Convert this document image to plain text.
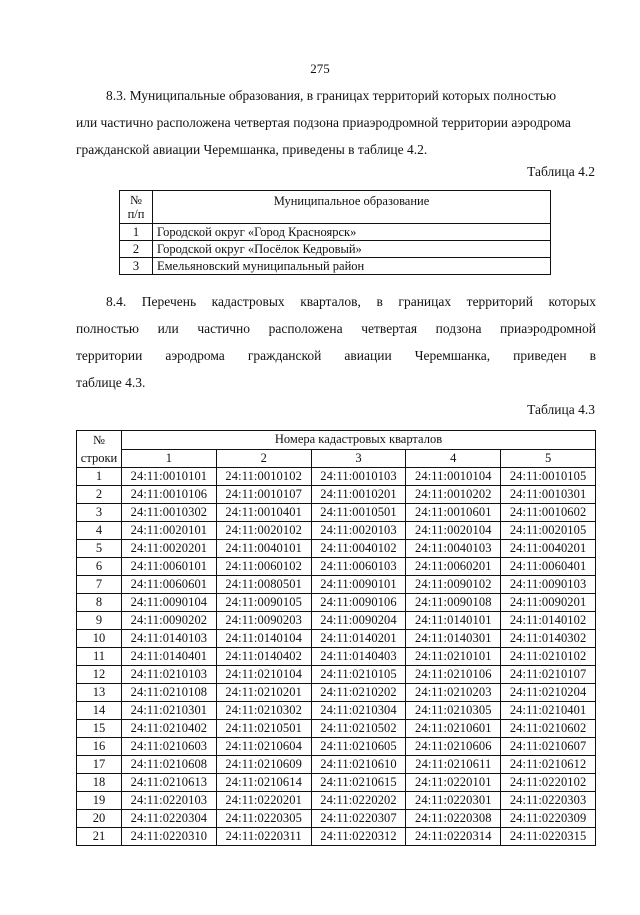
275
8.3. Муниципальные образования, в границах территорий которых полностью
или частично расположена четвертая подзона приаэродромной территории аэродрома
гражданской авиации Черемшанка, приведены в таблице 4.2.
Таблица 4.2
№
п/п	Муниципальное образование
1	Городской округ «Город Красноярск»
2	Городской округ «Посёлок Кедровый»
3	Емельяновский муниципальный район
8.4. Перечень кадастровых кварталов, в границах территорий которых
полностью или частично расположена четвертая подзона приаэродромной
территории аэродрома гражданской авиации Черемшанка, приведен в
таблице 4.3.
Таблица 4.3
№
строки	Номера кадастровых кварталов				
	1	2	3	4	5
1	24:11:0010101	24:11:0010102	24:11:0010103	24:11:0010104	24:11:0010105
2	24:11:0010106	24:11:0010107	24:11:0010201	24:11:0010202	24:11:0010301
3	24:11:0010302	24:11:0010401	24:11:0010501	24:11:0010601	24:11:0010602
4	24:11:0020101	24:11:0020102	24:11:0020103	24:11:0020104	24:11:0020105
5	24:11:0020201	24:11:0040101	24:11:0040102	24:11:0040103	24:11:0040201
6	24:11:0060101	24:11:0060102	24:11:0060103	24:11:0060201	24:11:0060401
7	24:11:0060601	24:11:0080501	24:11:0090101	24:11:0090102	24:11:0090103
8	24:11:0090104	24:11:0090105	24:11:0090106	24:11:0090108	24:11:0090201
9	24:11:0090202	24:11:0090203	24:11:0090204	24:11:0140101	24:11:0140102
10	24:11:0140103	24:11:0140104	24:11:0140201	24:11:0140301	24:11:0140302
11	24:11:0140401	24:11:0140402	24:11:0140403	24:11:0210101	24:11:0210102
12	24:11:0210103	24:11:0210104	24:11:0210105	24:11:0210106	24:11:0210107
13	24:11:0210108	24:11:0210201	24:11:0210202	24:11:0210203	24:11:0210204
14	24:11:0210301	24:11:0210302	24:11:0210304	24:11:0210305	24:11:0210401
15	24:11:0210402	24:11:0210501	24:11:0210502	24:11:0210601	24:11:0210602
16	24:11:0210603	24:11:0210604	24:11:0210605	24:11:0210606	24:11:0210607
17	24:11:0210608	24:11:0210609	24:11:0210610	24:11:0210611	24:11:0210612
18	24:11:0210613	24:11:0210614	24:11:0210615	24:11:0220101	24:11:0220102
19	24:11:0220103	24:11:0220201	24:11:0220202	24:11:0220301	24:11:0220303
20	24:11:0220304	24:11:0220305	24:11:0220307	24:11:0220308	24:11:0220309
21	24:11:0220310	24:11:0220311	24:11:0220312	24:11:0220314	24:11:0220315
